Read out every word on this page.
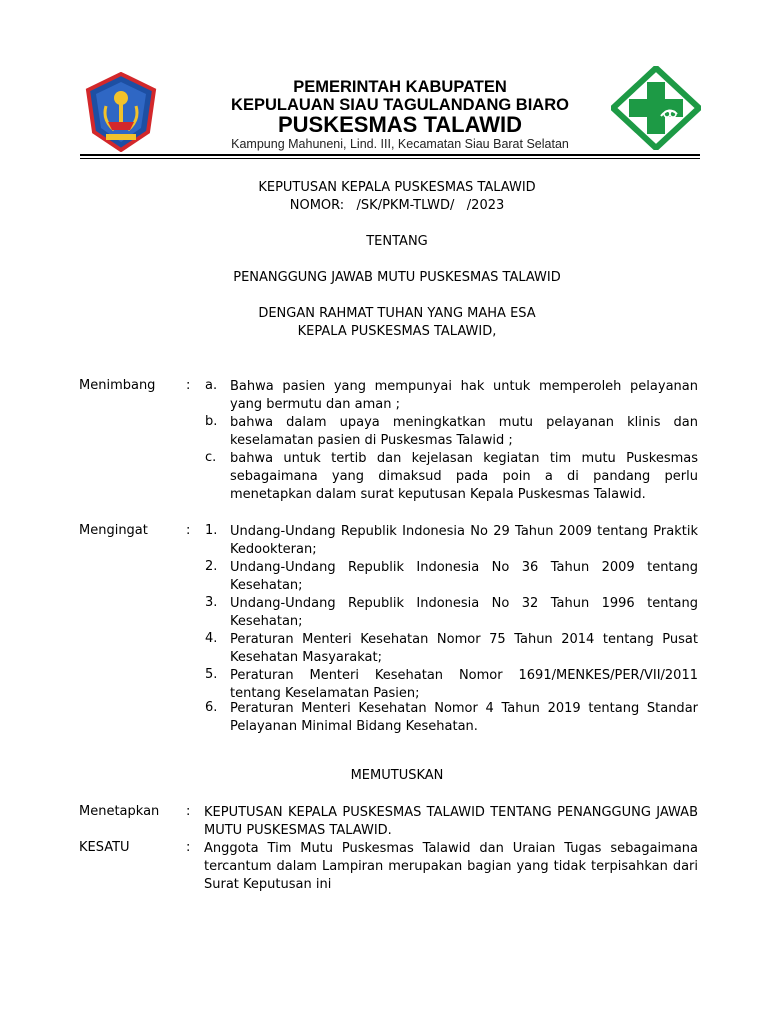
PEMERINTAH KABUPATEN
KEPULAUAN SIAU TAGULANDANG BIARO
PUSKESMAS TALAWID
Kampung Mahuneni, Lind. III, Kecamatan Siau Barat Selatan
KEPUTUSAN KEPALA PUSKESMAS TALAWID
NOMOR:   /SK/PKM-TLWD/   /2023
TENTANG
PENANGGUNG JAWAB MUTU PUSKESMAS TALAWID
DENGAN RAHMAT TUHAN YANG MAHA ESA
KEPALA PUSKESMAS TALAWID,
Menimbang : a. Bahwa pasien yang mempunyai hak untuk memperoleh pelayanan yang bermutu dan aman ;
b. bahwa dalam upaya meningkatkan mutu pelayanan klinis dan keselamatan pasien di Puskesmas Talawid ;
c. bahwa untuk tertib dan kejelasan kegiatan tim mutu Puskesmas sebagaimana yang dimaksud pada poin a di pandang perlu menetapkan dalam surat keputusan Kepala Puskesmas Talawid.
Mengingat	: 1. Undang-Undang Republik Indonesia No 29 Tahun 2009 tentang Praktik Kedookteran;
2. Undang-Undang Republik Indonesia No 36 Tahun 2009 tentang Kesehatan;
3. Undang-Undang Republik Indonesia No 32 Tahun 1996 tentang Kesehatan;
4. Peraturan Menteri Kesehatan Nomor 75 Tahun 2014 tentang Pusat Kesehatan Masyarakat;
5. Peraturan Menteri Kesehatan Nomor 1691/MENKES/PER/VII/2011 tentang Keselamatan Pasien;
6. Peraturan Menteri Kesehatan Nomor 4 Tahun 2019 tentang Standar Pelayanan Minimal Bidang Kesehatan.
MEMUTUSKAN
Menetapkan : KEPUTUSAN KEPALA PUSKESMAS TALAWID TENTANG PENANGGUNG JAWAB MUTU PUSKESMAS TALAWID.
KESATU	: Anggota Tim Mutu Puskesmas Talawid dan Uraian Tugas sebagaimana tercantum dalam Lampiran merupakan bagian yang tidak terpisahkan dari Surat Keputusan ini
